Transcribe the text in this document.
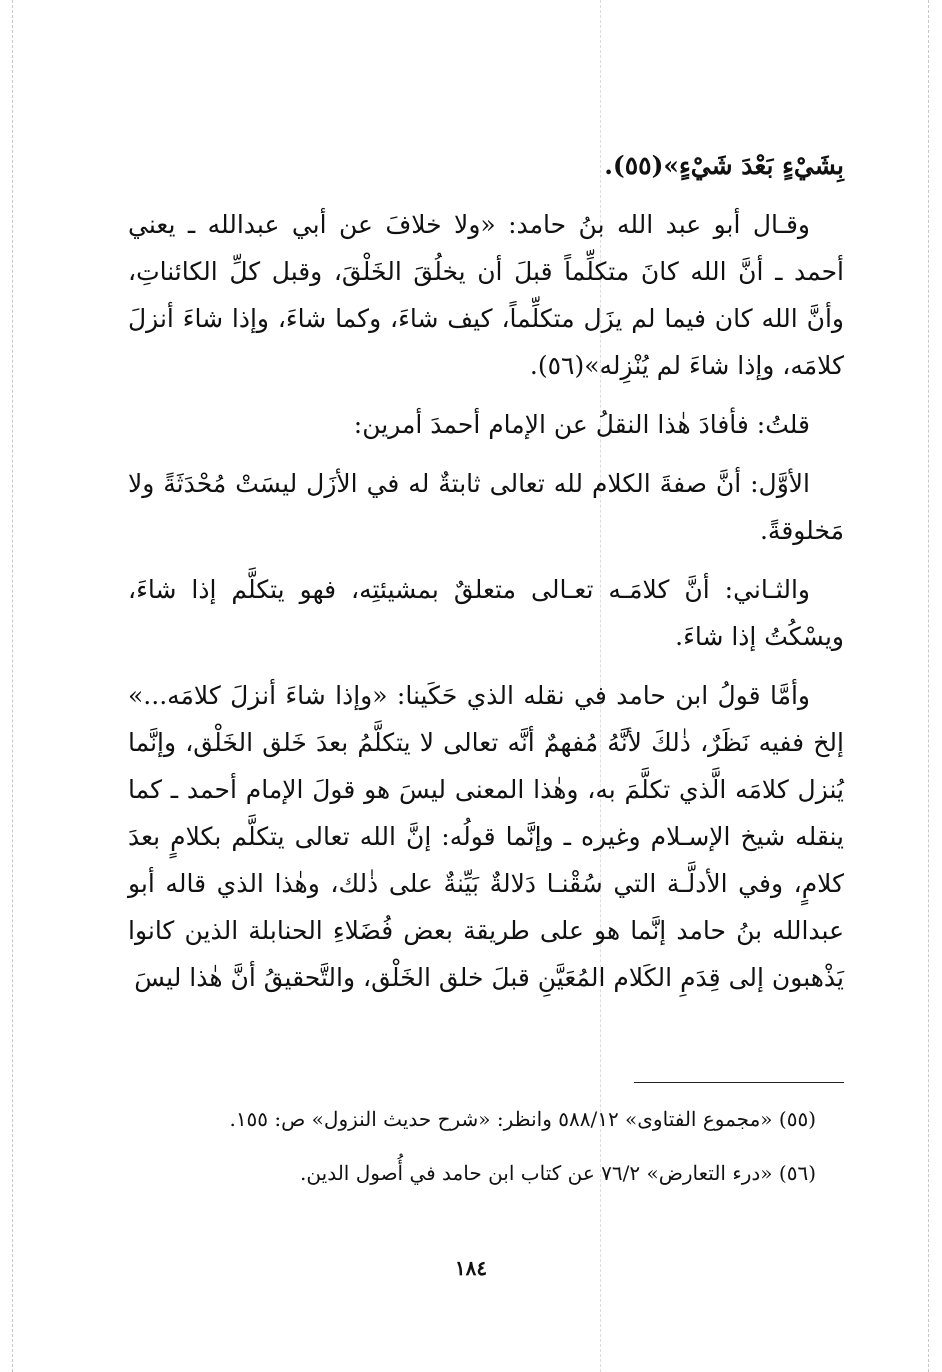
بِشَيْءٍ بَعْدَ شَيْءٍ»(٥٥).

وقـال أبو عبد الله بنُ حامد: «ولا خلافَ عن أبي عبدالله ـ يعني أحمد ـ أنَّ الله كانَ متكلِّماً قبلَ أن يخلُقَ الخَلْقَ، وقبل كلِّ الكائناتِ، وأنَّ الله كان فيما لم يزَل متكلِّماً، كيف شاءَ، وكما شاءَ، وإذا شاءَ أنزلَ كلامَه، وإذا شاءَ لم يُنْزِله»(٥٦).

قلتُ: فأفادَ هٰذا النقلُ عن الإمام أحمدَ أمرين:

الأوَّل: أنَّ صفةَ الكلام لله تعالى ثابتةٌ له في الأزَل ليسَتْ مُحْدَثَةً ولا مَخلوقةً.

والثـاني: أنَّ كلامَـه تعـالى متعلقٌ بمشيئتِه، فهو يتكلَّم إذا شاءَ، ويسْكُتُ إذا شاءَ.

وأمَّا قولُ ابن حامد في نقله الذي حَكَينا: «وإذا شاءَ أنزلَ كلامَه...» إلخ ففيه نَظَرٌ، ذٰلكَ لأنَّهُ مُفهمٌ أنَّه تعالى لا يتكلَّمُ بعدَ خَلق الخَلْق، وإنَّما يُنزل كلامَه الَّذي تكلَّمَ به، وهٰذا المعنى ليسَ هو قولَ الإمام أحمد ـ كما ينقله شيخ الإسـلام وغيره ـ وإنَّما قولُه: إنَّ الله تعالى يتكلَّم بكلامٍ بعدَ كلامٍ، وفي الأدلَّـة التي سُقْنـا دَلالةٌ بَيِّنةٌ على ذٰلك، وهٰذا الذي قاله أبو عبدالله بنُ حامد إنَّما هو على طريقة بعض فُضَلاءِ الحنابلة الذين كانوا يَذْهبون إلى قِدَمِ الكَلام المُعَيَّنِ قبلَ خلق الخَلْق، والتَّحقيقُ أنَّ هٰذا ليسَ

(٥٥) «مجموع الفتاوى» ٥٨٨/١٢ وانظر: «شرح حديث النزول» ص: ١٥٥.

(٥٦) «درء التعارض» ٧٦/٢ عن كتاب ابن حامد في أُصول الدين.

١٨٤
